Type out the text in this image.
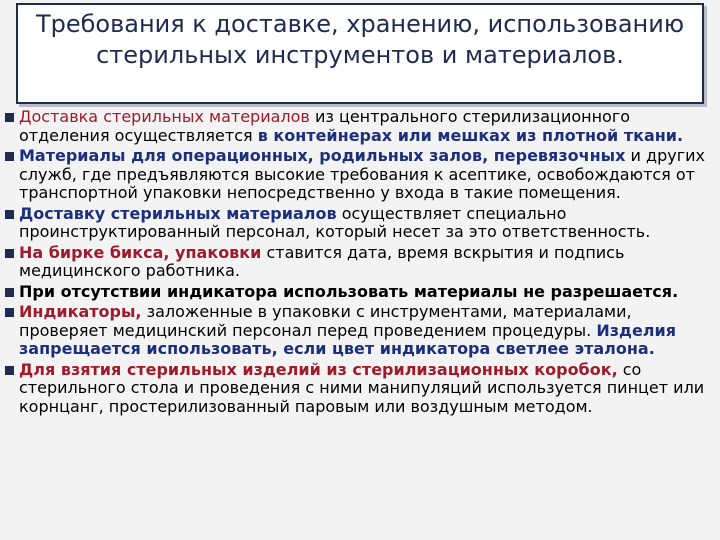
Требования к доставке, хранению, использованию стерильных инструментов и материалов.

Доставка стерильных материалов из центрального стерилизационного отделения осуществляется в контейнерах или мешках из плотной ткани.

Материалы для операционных, родильных залов, перевязочных и других служб, где предъявляются высокие требования к асептике, освобождаются от транспортной упаковки непосредственно у входа в такие помещения.

Доставку стерильных материалов осуществляет специально проинструктированный персонал, который несет за это ответственность.

На бирке бикса, упаковки ставится дата, время вскрытия и подпись медицинского работника.

При отсутствии индикатора использовать материалы не разрешается.

Индикаторы, заложенные в упаковки с инструментами, материалами, проверяет медицинский персонал перед проведением процедуры. Изделия запрещается использовать, если цвет индикатора светлее эталона.

Для взятия стерильных изделий из стерилизационных коробок, со стерильного стола и проведения с ними манипуляций используется пинцет или корнцанг, простерилизованный паровым или воздушным методом.
